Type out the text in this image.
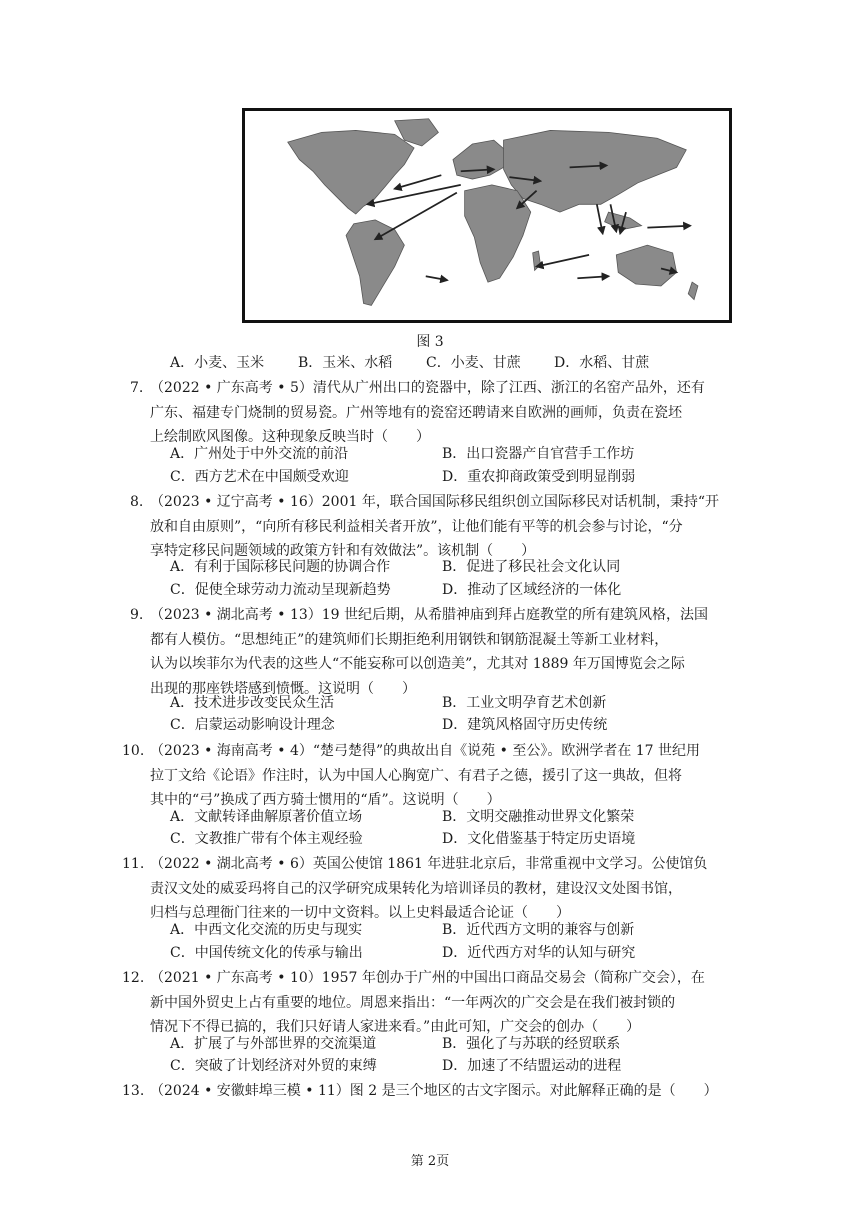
图 3
A．小麦、玉米	B．玉米、水稻	C．小麦、甘蔗	D．水稻、甘蔗
7. （2022 • 广东高考 • 5）清代从广州出口的瓷器中，除了江西、浙江的名窑产品外，还有
广东、福建专门烧制的贸易瓷。广州等地有的瓷窑还聘请来自欧洲的画师，负责在瓷坯
上绘制欧风图像。这种现象反映当时（　　）
A．广州处于中外交流的前沿	B．出口瓷器产自官营手工作坊
C．西方艺术在中国颇受欢迎	D．重农抑商政策受到明显削弱
8. （2023 • 辽宁高考 • 16）2001 年，联合国国际移民组织创立国际移民对话机制，秉持“开
放和自由原则”，“向所有移民利益相关者开放”，让他们能有平等的机会参与讨论，“分
享特定移民问题领域的政策方针和有效做法”。该机制（　　）
A．有利于国际移民问题的协调合作	B．促进了移民社会文化认同
C．促使全球劳动力流动呈现新趋势	D．推动了区域经济的一体化
9. （2023 • 湖北高考 • 13）19 世纪后期，从希腊神庙到拜占庭教堂的所有建筑风格，法国
都有人模仿。“思想纯正”的建筑师们长期拒绝利用钢铁和钢筋混凝土等新工业材料，
认为以埃菲尔为代表的这些人“不能妄称可以创造美”，尤其对 1889 年万国博览会之际
出现的那座铁塔感到愤慨。这说明（　　）
A．技术进步改变民众生活	B．工业文明孕育艺术创新
C．启蒙运动影响设计理念	D．建筑风格固守历史传统
10. （2023 • 海南高考 • 4）“楚弓楚得”的典故出自《说苑 • 至公》。欧洲学者在 17 世纪用
拉丁文给《论语》作注时，认为中国人心胸宽广、有君子之德，援引了这一典故，但将
其中的“弓”换成了西方骑士惯用的“盾”。这说明（　　）
A．文献转译曲解原著价值立场	B．文明交融推动世界文化繁荣
C．文教推广带有个体主观经验	D．文化借鉴基于特定历史语境
11. （2022 • 湖北高考 • 6）英国公使馆 1861 年进驻北京后，非常重视中文学习。公使馆负
责汉文处的威妥玛将自己的汉学研究成果转化为培训译员的教材，建设汉文处图书馆，
归档与总理衙门往来的一切中文资料。以上史料最适合论证（　　）
A．中西文化交流的历史与现实	B．近代西方文明的兼容与创新
C．中国传统文化的传承与输出	D．近代西方对华的认知与研究
12. （2021 • 广东高考 • 10）1957 年创办于广州的中国出口商品交易会（简称广交会），在
新中国外贸史上占有重要的地位。周恩来指出：“一年两次的广交会是在我们被封锁的
情况下不得已搞的，我们只好请人家进来看。”由此可知，广交会的创办（　　）
A．扩展了与外部世界的交流渠道	B．强化了与苏联的经贸联系
C．突破了计划经济对外贸的束缚	D．加速了不结盟运动的进程
13. （2024 • 安徽蚌埠三模 • 11）图 2 是三个地区的古文字图示。对此解释正确的是（　　）
第 2页
